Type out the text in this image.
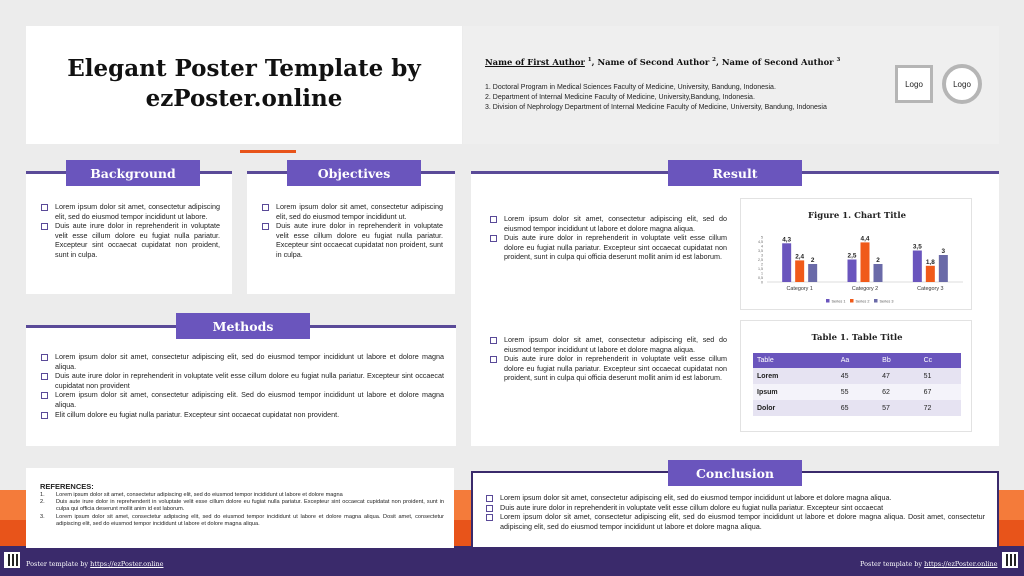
Elegant Poster Template by
ezPoster.online
Name of First Author $^1$, Name of Second Author $^2$, Name of Second Author $^3$
1. Doctoral Program in Medical Sciences Faculty of Medicine, University, Bandung, Indonesia.
2. Department of Internal Medicine Faculty of Medicine, University,Bandung, Indonesia.
3. Division of Nephrology Department of Internal Medicine Faculty of Medicine, University, Bandung, Indonesia
Logo	Logo
Lorem ipsum dolor sit amet, consectetur adipiscing elit, sed do eiusmod tempor incididunt ut labore.
Duis aute irure dolor in reprehenderit in voluptate velit esse cillum dolore eu fugiat nulla pariatur. Excepteur sint occaecat cupidatat non proident, sunt in culpa.
Background
Lorem ipsum dolor sit amet, consectetur adipiscing elit, sed do eiusmod tempor incididunt ut.
Duis aute irure dolor in reprehenderit in voluptate velit esse cillum dolore eu fugiat nulla pariatur. Excepteur sint occaecat cupidatat non proident, sunt in culpa.
Objectives
Lorem ipsum dolor sit amet, consectetur adipiscing elit, sed do eiusmod tempor incididunt ut labore et dolore magna aliqua.
Duis aute irure dolor in reprehenderit in voluptate velit esse cillum dolore eu fugiat nulla pariatur. Excepteur sint occaecat cupidatat non provident
Lorem ipsum dolor sit amet, consectetur adipiscing elit. Sed do eiusmod tempor incididunt ut labore et dolore magna aliqua.
Elit cillum dolore eu fugiat nulla pariatur. Excepteur sint occaecat cupidatat non provident.
Methods
Lorem ipsum dolor sit amet, consectetur adipiscing elit, sed do eiusmod tempor incididunt ut labore et dolore magna aliqua.
Duis aute irure dolor in reprehenderit in voluptate velit esse cillum dolore eu fugiat nulla pariatur. Excepteur sint occaecat cupidatat non proident, sunt in culpa qui officia deserunt mollit anim id est laborum.
Lorem ipsum dolor sit amet, consectetur adipiscing elit, sed do eiusmod tempor incididunt ut labore et dolore magna aliqua.
Duis aute irure dolor in reprehenderit in voluptate velit esse cillum dolore eu fugiat nulla pariatur. Excepteur sint occaecat cupidatat non proident, sunt in culpa qui officia deserunt mollit anim id est laborum.
Result
Figure 1. Chart Title
5
4,5
4
3,5
3
2,5
2
1,5
1
0,5
0
4,3
2,4
2
Category 1
2,5
4,4
2
Category 2
3,5
1,8
3
Category 3
Series 1	Series 2	Series 3
Table 1. Table Title
Table	Aa	Bb	Cc
Lorem	45	47	51
Ipsum	55	62	67
Dolor	65	57	72
REFERENCES:
1. Lorem ipsum dolor sit amet, consectetur adipiscing elit, sed do eiusmod tempor incididunt ut labore et dolore magna
2. Duis aute irure dolor in reprehenderit in voluptate velit esse cillum dolore eu fugiat nulla pariatur. Excepteur sint occaecat cupidatat non proident, sunt in culpa qui officia deserunt mollit anim id est laborum.
3. Lorem ipsum dolor sit amet, consectetur adipiscing elit, sed do eiusmod tempor incididunt ut labore et dolore magna aliqua. Dosit amet, consectetur adipiscing elit, sed do eiusmod tempor incididunt ut labore et dolore magna aliqua.
Lorem ipsum dolor sit amet, consectetur adipiscing elit, sed do eiusmod tempor incididunt ut labore et dolore magna aliqua.
Duis aute irure dolor in reprehenderit in voluptate velit esse cillum dolore eu fugiat nulla pariatur. Excepteur sint occaecat
Lorem ipsum dolor sit amet, consectetur adipiscing elit, sed do eiusmod tempor incididunt ut labore et dolore magna aliqua. Dosit amet, consectetur adipiscing elit, sed do eiusmod tempor incididunt ut labore et dolore magna aliqua.
Conclusion
Poster template by https://ezPoster.online	Poster template by https://ezPoster.online
